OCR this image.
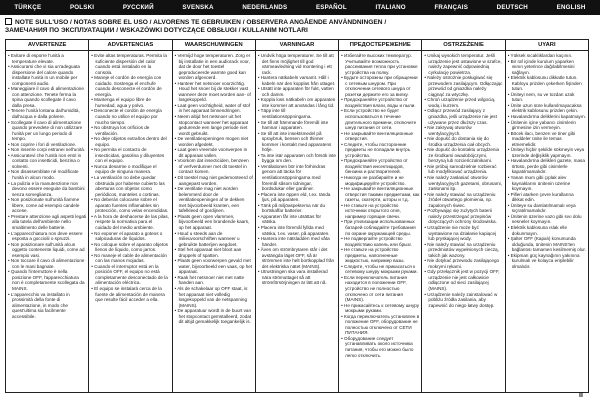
TÜRKÇE	POLSKI	РУССКИЙ	SVENSKA	NEDERLANDS	ESPAÑOL	ITALIANO	FRANÇAIS	DEUTSCH	ENGLISH
NOTE SULL'USO / NOTAS SOBRE EL USO / ALVORENS TE GEBRUIKEN / OBSERVERA ANGÅENDE ANVÄNDNINGEN /
ЗАМЕЧАНИЯ ПО ЭКСПЛУАТАЦИИ / WSKAZÓWKI DOTYCZĄCE OBSŁUGI / KULLANIM NOTLARI
AVVERTENZE

• Evitare di esporre l'unità a temperature elevate.

• Assicurarsi che vi sia un'adeguata dispersione del calore quando installate l'unità in un mobile per componenti audio.

• Maneggiare il cavo di alimentazione con attenzione. Tenete ferma la spina quando scollegate il cavo dalla presa.

• Tenere l'unità lontana dall'umidità, dall'acqua e dalla polvere.

• Scollegate il cavo di alimentazione quando prevedete di non utilizzare l'unità per un lungo periodo di tempo.

• Non coprire i fori di ventilazione.

• Non inserire corpi estranei nell'unità.

• Assicuratevi che l'unità non entri in contatto con insetticidi, benzina o solventi.

• Non disassemblate né modificate l'unità in alcun modo.

• La pulizia e la manutenzione non devono essere eseguite da bambini senza sorveglianza.

• Non posizionate sull'unità fiamme libere, come ad esempio candele accese.

• Prestare attenzione agli aspetti legati alla tutela dell'ambiente nello smaltimento delle batterie.

• L'apparecchiatura non deve essere esposta a gocciolii o spruzzi.

• Non posizionare sull'unità alcun oggetto contenente liquidi, come ad esempio vasi.

• Non toccare il cavo di alimentazione con le mani bagnate.

• Quando l'interruttore è nella posizione OFF, l'apparecchiatura non è completamente scollegata da MAINS.

• L'apparecchio va installato in prossimità della fonte di alimentazione, in modo che quest'ultima sia facilmente accessibile.

ADVERTENCIAS

• Evite altas temperaturas. Permita la suficiente dispersión del calor cuando está instalado en la consola.

• Maneje el cordón de energía con cuidado. Sostenga el enchufe cuando desconecte el cordón de energía.

• Mantenga el equipo libre de humedad, agua y polvo.

• Desconecte el cordón de energía cuando no utilice el equipo por mucho tiempo.

• No obstruya los orificios de ventilación.

• No deje objetos extraños dentro del equipo.

• No permita el contacto de insecticidas, gasolina y diluyentes con el equipo.

• Nunca desarme o modifique el equipo de ninguna manera.

• La ventilación no debe quedar obstruida por haberse cubierto las aberturas con objetos como periódicos, manteles o cortinas.

• No deberán colocarse sobre el aparato fuentes inflamables sin protección, como velas encendidas.

• A la hora de deshacerse de las pilas, respete la normativa para el cuidado del medio ambiente.

• No exponer el aparato a goteos o salpicaduras de líquidos.

• No coloque sobre el aparato objetos llenos de líquido, como jarros.

• No maneje el cable de alimentación con las manos mojadas.

• Cuando el interruptor está en la posición OFF, el equipo no está completamente desconectado de la alimentación eléctrica.

• El equipo se instalará cerca de la fuente de alimentación de manera que resulte fácil acceder a ella.

WAARSCHUWINGEN

• Vermijd hoge temperaturen. Zorg er bij installatie in een audiorack voor, dat de door het toestel geproduceerde warmte goed kan worden afgevoerd.

• Hanteer het netsnoer voorzichtig. Houd het snoer bij de stekker vast wanneer deze moet worden aan- of losgekoppeld.

• Laat geen vochtigheid, water of stof in het apparaat binnendringen.

• Neem altijd het netsnoer uit het stopcontact wanneer het apparaat gedurende een lange periode niet wordt gebruikt.

• De ventilatieopeningen mogen niet worden afgedekt.

• Laat geen vreemde voorwerpen in dit apparaat vallen.

• Voorkom dat insecticiden, benzeen of verfverdunner met dit toestel in contact komen.

• Dit toestel mag niet gedemonteerd of aangepast worden.

• De ventilatie mag niet worden belemmerd door de ventilatieopeningen af te dekken met bijvoorbeeld kranten, een tafelkleed of gordijnen.

• Plaats geen open vlammen, bijvoorbeeld een brandende kaars, op het apparaat.

• Houd u steeds aan de milieuvoorschriften wanneer u gebruikte batterijen wegdoet.

• Stel het apparaat niet bloot aan druppels of spatten.

• Plaats geen voorwerpen gevuld met water, bijvoorbeeld een vaas, op het apparaat.

• Raak het netsnoer niet met natte handen aan.

• Als de schakelaar op OFF staat, is het apparaat niet volledig losgekoppeld van de netspanning (MAINS).

• De apparatuur wordt in de buurt van het stopcontact geïnstalleerd, zodat dit altijd gemakkelijk toegankelijk is.

VARNINGAR

• Undvik höga temperaturer. Se till att det finns möjlighet till god värmeavledning vid montering i ett rack.

• Hantera nätkabeln varsamt. Håll i kabeln när den kopplas från uttaget.

• Utsätt inte apparaten för fukt, vatten och damm.

• Koppla loss nätkabeln om apparaten inte kommer att användas i lång tid.

• Täpp inte till ventilationsöppningarna.

• Se till att främmande föremål inte hamnar i apparaten.

• Se till att inte insektsmedel på spraybruk, bensen och thinner kommer i kontakt med apparatens hölje.

• Ta inte isär apparaten och försök inte bygga om den.

• Ventilationen bör inte förhindras genom att täcka för ventilationsöppningarna med föremål såsom tidningar, bordsdukar eller gardiner.

• Placera inte öppen eld, t.ex. tända ljus, på apparaten.

• Tänk på miljöaspekterna när du bortskaffar batterier.

• Apparaten får inte utsättas för vätska.

• Placera inte föremål fyllda med vätska, t.ex. vaser, på apparaten.

• Hantera inte nätsladden med våta händer.

• Även om strömbrytaren står i det avstängda läget OFF, så är strömmen inte helt bortkopplad från det elektriska nätet (MAINS).

• Utrustningen ska vara installerad nära strömuttaget så att strömförsörjningen är lätt att nå.

ПРЕДОСТЕРЕЖЕНИЕ

• Избегайте высоких температур. Учитывайте возможность рассеивания тепла при установке устройства на полку.

• Будьте осторожны при обращении с сетевым шнуром. При отключении сетевого шнура от розетки держите его за вилку.

• Предохраняйте устройство от воздействия влаги, воды и пыли.

• Если устройство не будет использоваться в течение длительного времени, отключите шнур питания от сети.

• Не закрывайте вентиляционные отверстия.

• Следите, чтобы посторонние предметы не попадали внутрь устройства.

• Предохраняйте устройство от воздействия инсектицидов, бензина и растворителей.

• Никогда не разбирайте и не модифицируйте устройство.

• Не закрывайте вентиляционные отверстия такими предметами, как газеты, скатерти, шторы и т.д.

• Не ставьте на устройство источники открытого огня, например горящие свечи.

• При утилизации использованных батарей соблюдайте требования по охране окружающей среды.

• Не подвергайте устройство воздействию капель или брызг.

• Не ставьте на устройство предметы, наполненные жидкостью, например вазы.

• Следите, чтобы не прикасаться к сетевому шнуру мокрыми руками.

• Если переключатель питания находится в положении OFF, устройство не полностью отключено от сети питания (MAINS).

• Не прикасайтесь к сетевому шнуру мокрыми руками.

• Когда переключатель установлен в положение OFF, оборудование не полностью отключено от СЕТИ ПИТАНИЯ.

• Оборудование следует устанавливать около источника питания, чтобы его можно было легко отключить.

OSTRZEŻENIE

• Unikaj wysokich temperatur. Jeśli urządzenie jest ustawione w szafce, należy zapewnić odpowiednią cyrkulację powietrza.

• Należy ostrożnie posługiwać się przewodem zasilającym. Odłączając przewód od gniazdka należy ciągnąć za wtyczkę.

• Chroń urządzenie przed wilgocią, wodą i kurzem.

• Odłącz przewód zasilający z gniazdka, jeśli urządzenie nie jest używane przez dłuższy czas.

• Nie zakrywaj otworów wentylacyjnych.

• Nie dopuść do dostania się do środka urządzenia ciał obcych.

• Nie dopuść do kontaktu urządzenia ze środkami owadobójczymi, benzyną lub rozcieńczalnikami.

• Nie próbuj samodzielnie rozbierać lub modyfikować urządzenia.

• Nie należy zasłaniać otworów wentylacyjnych gazetami, obrusami, zasłonami itp.

• Nie należy stawiać na urządzeniu źródeł otwartego płomienia, np. zapalonych świec.

• Pozbywając się zużytych baterii należy przestrzegać przepisów dotyczących ochrony środowiska.

• Urządzenie nie może być wystawione na działanie kapiącej lub pryskającej wody.

• Nie należy stawiać na urządzeniu przedmiotów wypełnionych cieczą, takich jak wazony.

• Nie dotykać przewodu zasilającego mokrymi rękami.

• Gdy przełącznik jest w pozycji OFF, urządzenie nie jest całkowicie odłączone od sieci zasilającej (MAINS).

• Urządzenie należy zainstalować w pobliżu źródła zasilania, aby zapewnić do niego łatwy dostęp.

UYARI

• Yüksek sıcaklıklardan kaçının.

• Bir raf içinde kurulum yaparken ısının yeterince dağılabilmesini sağlayın.

• Elektrik kablosunu dikkatle tutun. Kabloyu prizden çekerken fişinden tutun.

• Üniteyi nem, su ve tozdan uzak tutun.

• Ünite uzun süre kullanılmayacaksa elektrik kablosunu prizden çekin.

• Havalandırma deliklerini kapatmayın.

• Ünitenin içine yabancı cisimlerin girmesine izin vermeyin.

• Böcek ilacı, benzen ve tiner gibi maddeler ünite ile temas etmemelidir.

• Üniteyi hiçbir şekilde sökmeyin veya üzerinde değişiklik yapmayın.

• Havalandırma delikleri gazete, masa örtüsü, perde gibi cisimlerle kapatılmamalıdır.

• Yanan mum gibi çıplak alev kaynaklarını ünitenin üzerine koymayın.

• Pilleri atarken çevre kurallarına dikkat edin.

• Üniteye su damlatılmamalı veya sıçratılmamalıdır.

• Ünitenin üzerine vazo gibi sıvı dolu nesneler koymayın.

• Elektrik kablosuna ıslak elle dokunmayın.

• Şalter OFF (Kapalı) konumunda olduğunda, ünitenin MAINS'ten bağlantısı tamamen kesilmemiş olur.

• Ekipman güç kaynağının yakınına kurulmalı ve kolayca erişilebilir olmalıdır.

II
